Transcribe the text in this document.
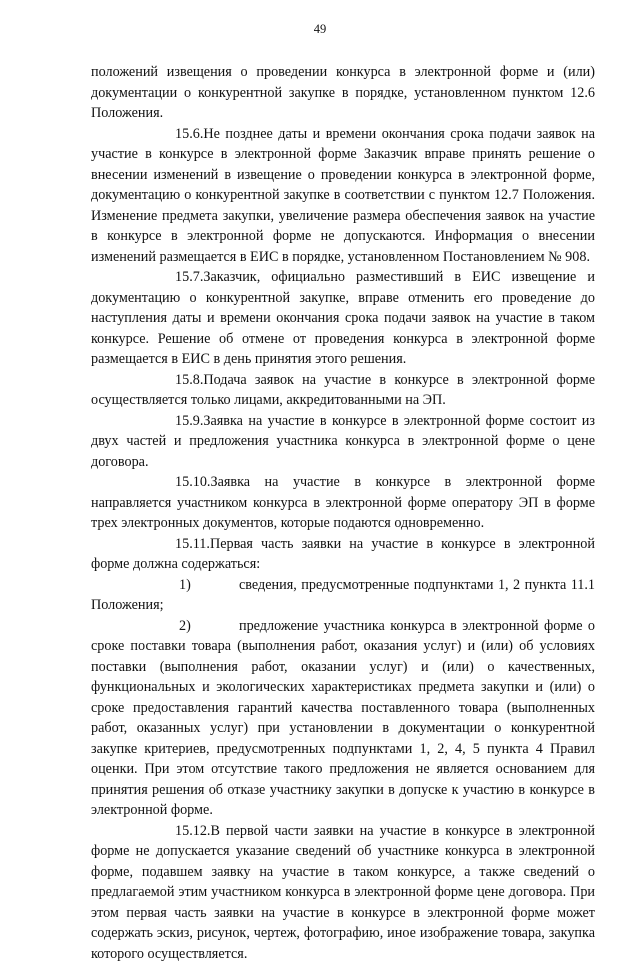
49

положений извещения о проведении конкурса в электронной форме и (или) документации о конкурентной закупке в порядке, установленном пунктом 12.6 Положения.

15.6.Не позднее даты и времени окончания срока подачи заявок на участие в конкурсе в электронной форме Заказчик вправе принять решение о внесении изменений в извещение о проведении конкурса в электронной форме, документацию о конкурентной закупке в соответствии с пунктом 12.7 Положения. Изменение предмета закупки, увеличение размера обеспечения заявок на участие в конкурсе в электронной форме не допускаются. Информация о внесении изменений размещается в ЕИС в порядке, установленном Постановлением № 908.

15.7.Заказчик, официально разместивший в ЕИС извещение и документацию о конкурентной закупке, вправе отменить его проведение до наступления даты и времени окончания срока подачи заявок на участие в таком конкурсе. Решение об отмене от проведения конкурса в электронной форме размещается в ЕИС в день принятия этого решения.

15.8.Подача заявок на участие в конкурсе в электронной форме осуществляется только лицами, аккредитованными на ЭП.

15.9.Заявка на участие в конкурсе в электронной форме состоит из двух частей и предложения участника конкурса в электронной форме о цене договора.

15.10.Заявка на участие в конкурсе в электронной форме направляется участником конкурса в электронной форме оператору ЭП в форме трех электронных документов, которые подаются одновременно.

15.11.Первая часть заявки на участие в конкурсе в электронной форме должна содержаться:

1)	сведения, предусмотренные подпунктами 1, 2 пункта 11.1 Положения;

2)	предложение участника конкурса в электронной форме о сроке поставки товара (выполнения работ, оказания услуг) и (или) об условиях поставки (выполнения работ, оказании услуг) и (или) о качественных, функциональных и экологических характеристиках предмета закупки и (или) о сроке предоставления гарантий качества поставленного товара (выполненных работ, оказанных услуг) при установлении в документации о конкурентной закупке критериев, предусмотренных подпунктами 1, 2, 4, 5 пункта 4 Правил оценки. При этом отсутствие такого предложения не является основанием для принятия решения об отказе участнику закупки в допуске к участию в конкурсе в электронной форме.

15.12.В первой части заявки на участие в конкурсе в электронной форме не допускается указание сведений об участнике конкурса в электронной форме, подавшем заявку на участие в таком конкурсе, а также сведений о предлагаемой этим участником конкурса в электронной форме цене договора. При этом первая часть заявки на участие в конкурсе в электронной форме может содержать эскиз, рисунок, чертеж, фотографию, иное изображение товара, закупка которого осуществляется.
